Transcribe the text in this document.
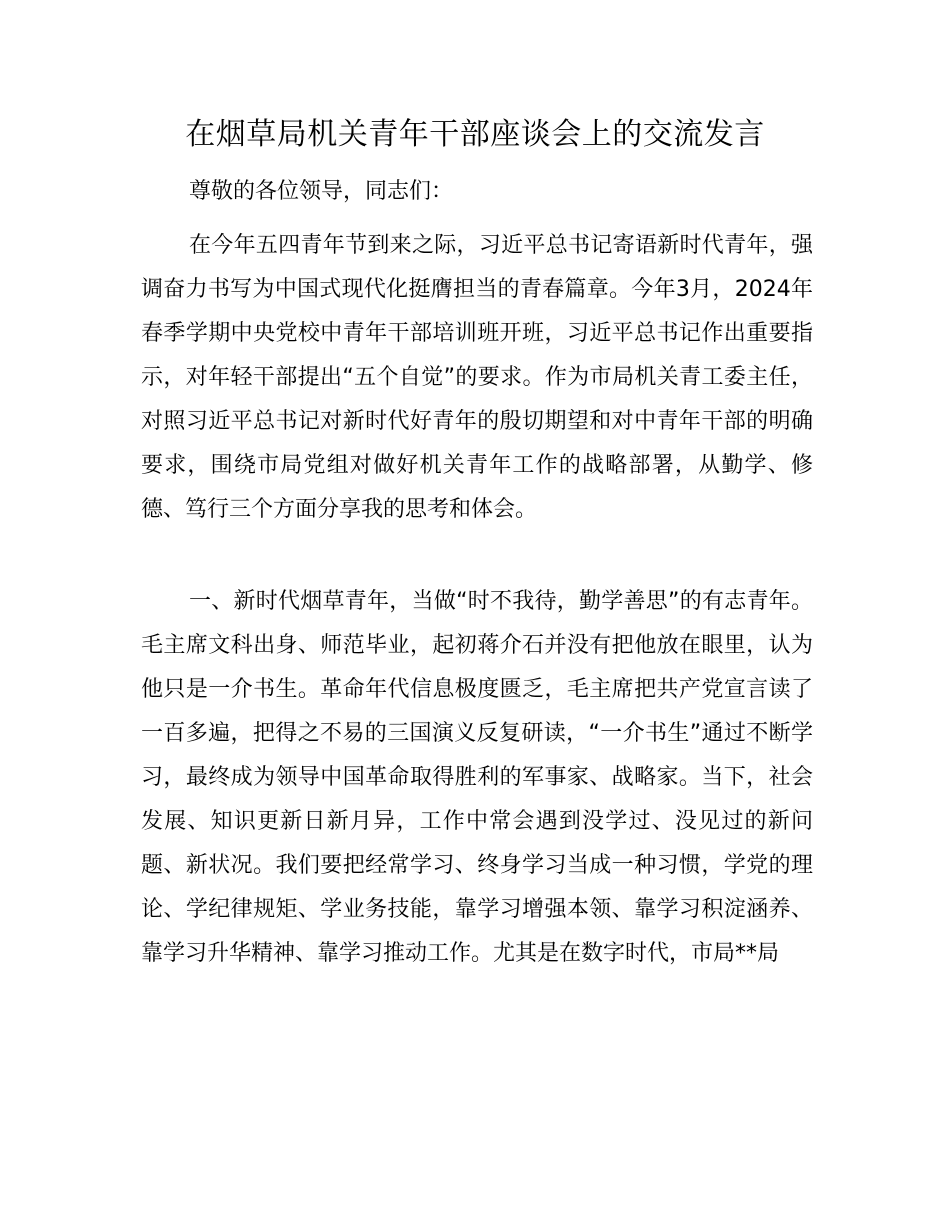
在烟草局机关青年干部座谈会上的交流发言

尊敬的各位领导，同志们：

在今年五四青年节到来之际，习近平总书记寄语新时代青年，强调奋力书写为中国式现代化挺膺担当的青春篇章。今年3月，2024年春季学期中央党校中青年干部培训班开班，习近平总书记作出重要指示，对年轻干部提出“五个自觉”的要求。作为市局机关青工委主任，对照习近平总书记对新时代好青年的殷切期望和对中青年干部的明确要求，围绕市局党组对做好机关青年工作的战略部署，从勤学、修德、笃行三个方面分享我的思考和体会。

一、新时代烟草青年，当做“时不我待，勤学善思”的有志青年。毛主席文科出身、师范毕业，起初蒋介石并没有把他放在眼里，认为他只是一介书生。革命年代信息极度匮乏，毛主席把共产党宣言读了一百多遍，把得之不易的三国演义反复研读，“一介书生”通过不断学习，最终成为领导中国革命取得胜利的军事家、战略家。当下，社会发展、知识更新日新月异，工作中常会遇到没学过、没见过的新问题、新状况。我们要把经常学习、终身学习当成一种习惯，学党的理论、学纪律规矩、学业务技能，靠学习增强本领、靠学习积淀涵养、靠学习升华精神、靠学习推动工作。尤其是在数字时代，市局**局
